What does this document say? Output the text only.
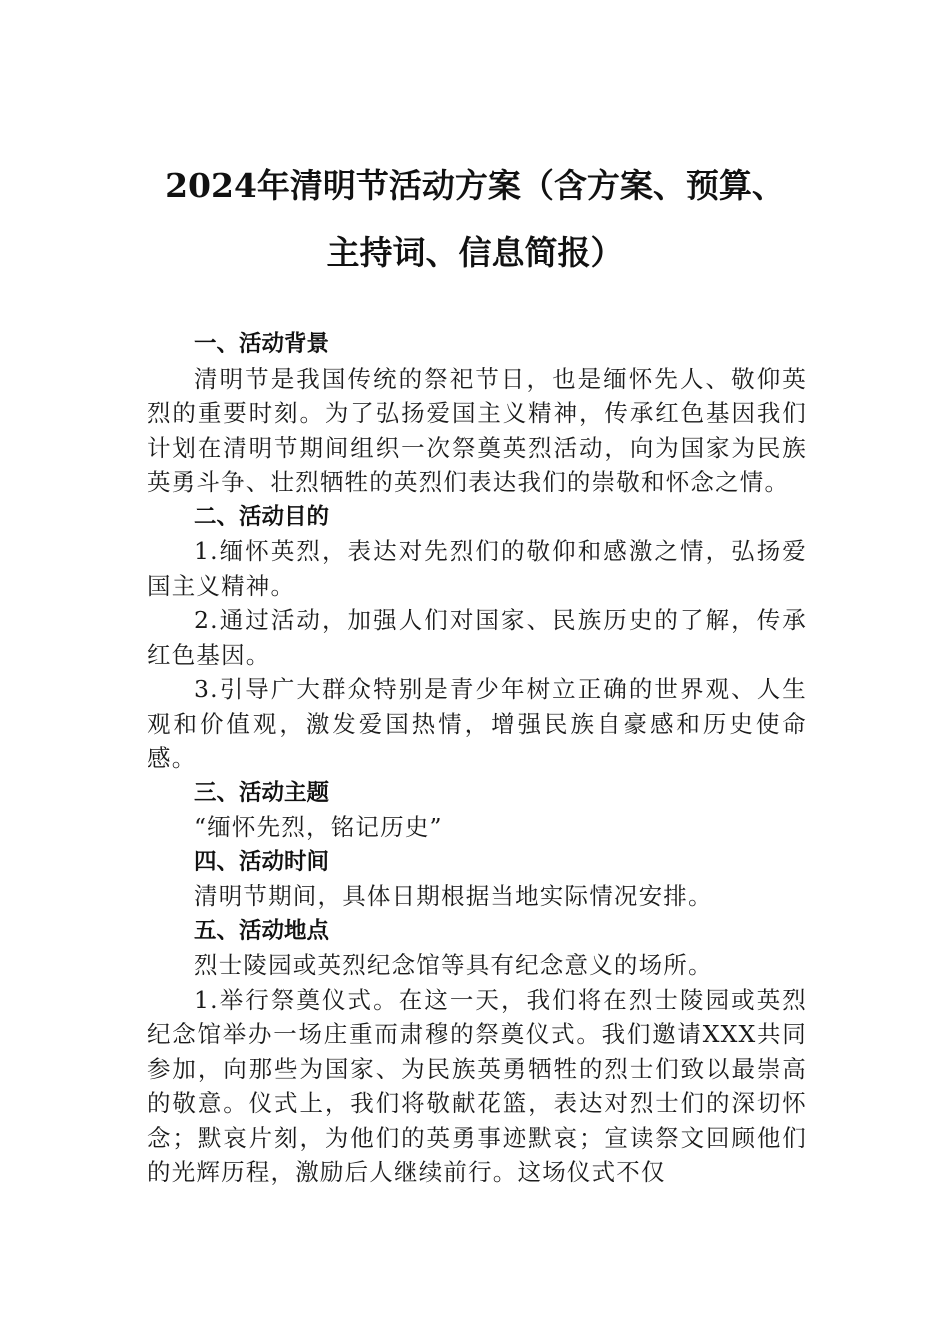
2024年清明节活动方案（含方案、预算、
主持词、信息简报）

一、活动背景

清明节是我国传统的祭祀节日，也是缅怀先人、敬仰英烈的重要时刻。为了弘扬爱国主义精神，传承红色基因我们计划在清明节期间组织一次祭奠英烈活动，向为国家为民族英勇斗争、壮烈牺牲的英烈们表达我们的崇敬和怀念之情。

二、活动目的

1.缅怀英烈，表达对先烈们的敬仰和感激之情，弘扬爱国主义精神。

2.通过活动，加强人们对国家、民族历史的了解，传承红色基因。

3.引导广大群众特别是青少年树立正确的世界观、人生观和价值观，激发爱国热情，增强民族自豪感和历史使命感。

三、活动主题

“缅怀先烈，铭记历史”

四、活动时间

清明节期间，具体日期根据当地实际情况安排。

五、活动地点

烈士陵园或英烈纪念馆等具有纪念意义的场所。

1.举行祭奠仪式。在这一天，我们将在烈士陵园或英烈纪念馆举办一场庄重而肃穆的祭奠仪式。我们邀请XXX共同参加，向那些为国家、为民族英勇牺牲的烈士们致以最崇高的敬意。仪式上，我们将敬献花篮，表达对烈士们的深切怀念；默哀片刻，为他们的英勇事迹默哀；宣读祭文回顾他们的光辉历程，激励后人继续前行。这场仪式不仅
